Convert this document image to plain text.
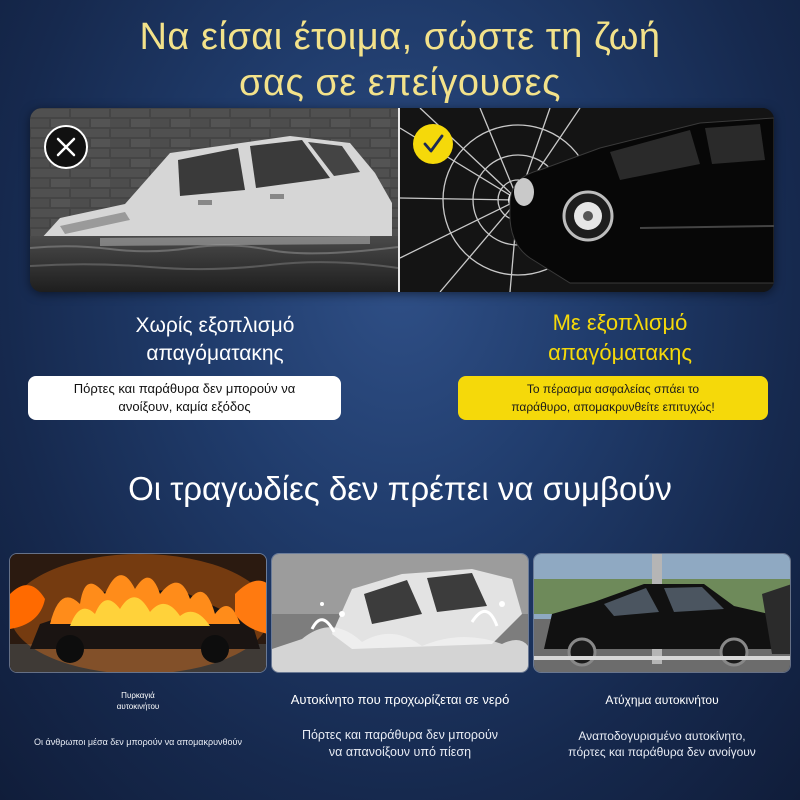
Να είσαι έτοιμα, σώστε τη ζωή
σας σε επείγουσες
Χωρίς εξοπλισμό
απαγόματακης
Με εξοπλισμό
απαγόματακης
Πόρτες και παράθυρα δεν μπορούν να
ανοίξουν, καμία εξόδος
Το πέρασμα ασφαλείας σπάει το
παράθυρο, απομακρυνθείτε επιτυχώς!
Οι τραγωδίες δεν πρέπει να συμβούν
Πυρκαγιά
αυτοκινήτου
Οι άνθρωποι μέσα δεν μπορούν να απομακρυνθούν
Αυτοκίνητο που προχωρίζεται σε νερό
Πόρτες και παράθυρα δεν μπορούν
να απανοίξουν υπό πίεση
Ατύχημα αυτοκινήτου
Αναποδογυρισμένο αυτοκίνητο,
πόρτες και παράθυρα δεν ανοίγουν
